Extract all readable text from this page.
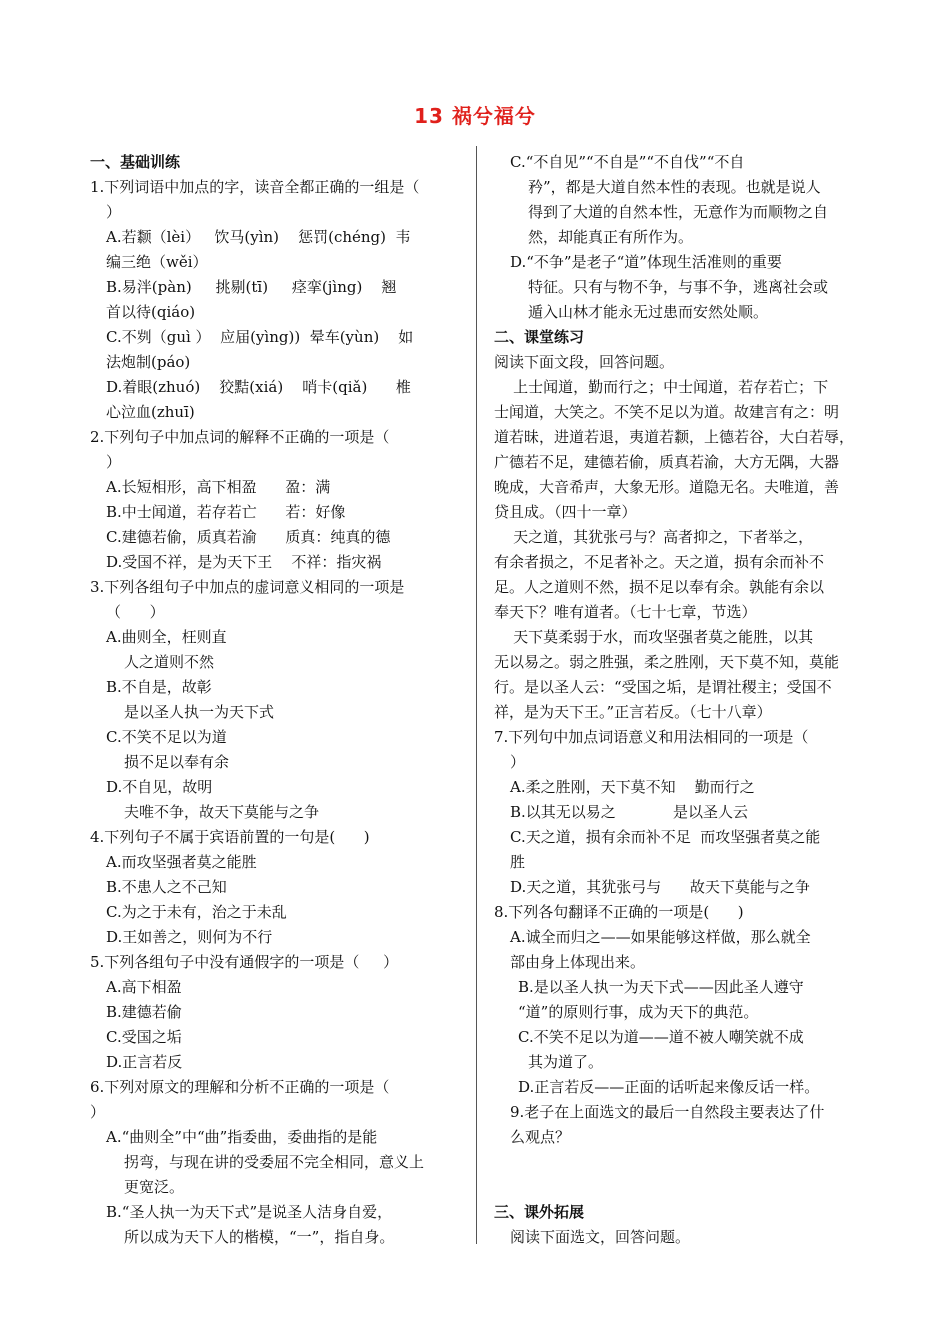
13 祸兮福兮
一、基础训练
1.下列词语中加点的字，读音全都正确的一组是（
）
A.若颣（lèi）   饮马(yìn)    惩罚(chéng)  韦
编三绝（wěi）
B.易泮(pàn)     挑剔(tī)     痉挛(jìng)    翘
首以待(qiáo)
C.不刿（guì ）  应届(yìng))  晕车(yùn)    如
法炮制(páo)
D.着眼(zhuó)    狡黠(xiá)    哨卡(qiǎ)      椎
心泣血(zhuī)
2.下列句子中加点词的解释不正确的一项是（
）
A.长短相形，高下相盈      盈：满
B.中士闻道，若存若亡      若：好像
C.建德若偷，质真若渝      质真：纯真的德
D.受国不祥，是为天下王    不祥：指灾祸
3.下列各组句子中加点的虚词意义相同的一项是
（      ）
A.曲则全，枉则直
人之道则不然
B.不自是，故彰
是以圣人执一为天下式
C.不笑不足以为道
损不足以奉有余
D.不自见，故明
夫唯不争，故天下莫能与之争
4.下列句子不属于宾语前置的一句是(      )
A.而攻坚强者莫之能胜
B.不患人之不己知
C.为之于未有，治之于未乱
D.王如善之，则何为不行
5.下列各组句子中没有通假字的一项是（     ）
A.高下相盈
B.建德若偷
C.受国之垢
D.正言若反
6.下列对原文的理解和分析不正确的一项是（
）
A.“曲则全”中“曲”指委曲，委曲指的是能
拐弯，与现在讲的受委屈不完全相同，意义上
更宽泛。
B.“圣人执一为天下式”是说圣人洁身自爱，
所以成为天下人的楷模，“一”，指自身。
C.“不自见”“不自是”“不自伐”“不自
矜”，都是大道自然本性的表现。也就是说人
得到了大道的自然本性，无意作为而顺物之自
然，却能真正有所作为。
D.“不争”是老子“道”体现生活准则的重要
特征。只有与物不争，与事不争，逃离社会或
遁入山林才能永无过患而安然处顺。
二、课堂练习
阅读下面文段，回答问题。
上士闻道，勤而行之；中士闻道，若存若亡；下
士闻道，大笑之。不笑不足以为道。故建言有之：明
道若昧，进道若退，夷道若颣，上德若谷，大白若辱，
广德若不足，建德若偷，质真若渝，大方无隅，大器
晚成，大音希声，大象无形。道隐无名。夫唯道，善
贷且成。（四十一章）
天之道，其犹张弓与？高者抑之，下者举之，
有余者损之，不足者补之。天之道，损有余而补不
足。人之道则不然，损不足以奉有余。孰能有余以
奉天下？唯有道者。（七十七章，节选）
天下莫柔弱于水，而攻坚强者莫之能胜，以其
无以易之。弱之胜强，柔之胜刚，天下莫不知，莫能
行。是以圣人云：“受国之垢，是谓社稷主；受国不
祥，是为天下王。”正言若反。（七十八章）
7.下列句中加点词语意义和用法相同的一项是（
）
A.柔之胜刚，天下莫不知    勤而行之
B.以其无以易之            是以圣人云
C.天之道，损有余而补不足  而攻坚强者莫之能
胜
D.天之道，其犹张弓与      故天下莫能与之争
8.下列各句翻译不正确的一项是(      )
A.诚全而归之——如果能够这样做，那么就全
部由身上体现出来。
B.是以圣人执一为天下式——因此圣人遵守
“道”的原则行事，成为天下的典范。
C.不笑不足以为道——道不被人嘲笑就不成
其为道了。
D.正言若反——正面的话听起来像反话一样。
9.老子在上面选文的最后一自然段主要表达了什
么观点？
三、课外拓展
阅读下面选文，回答问题。
